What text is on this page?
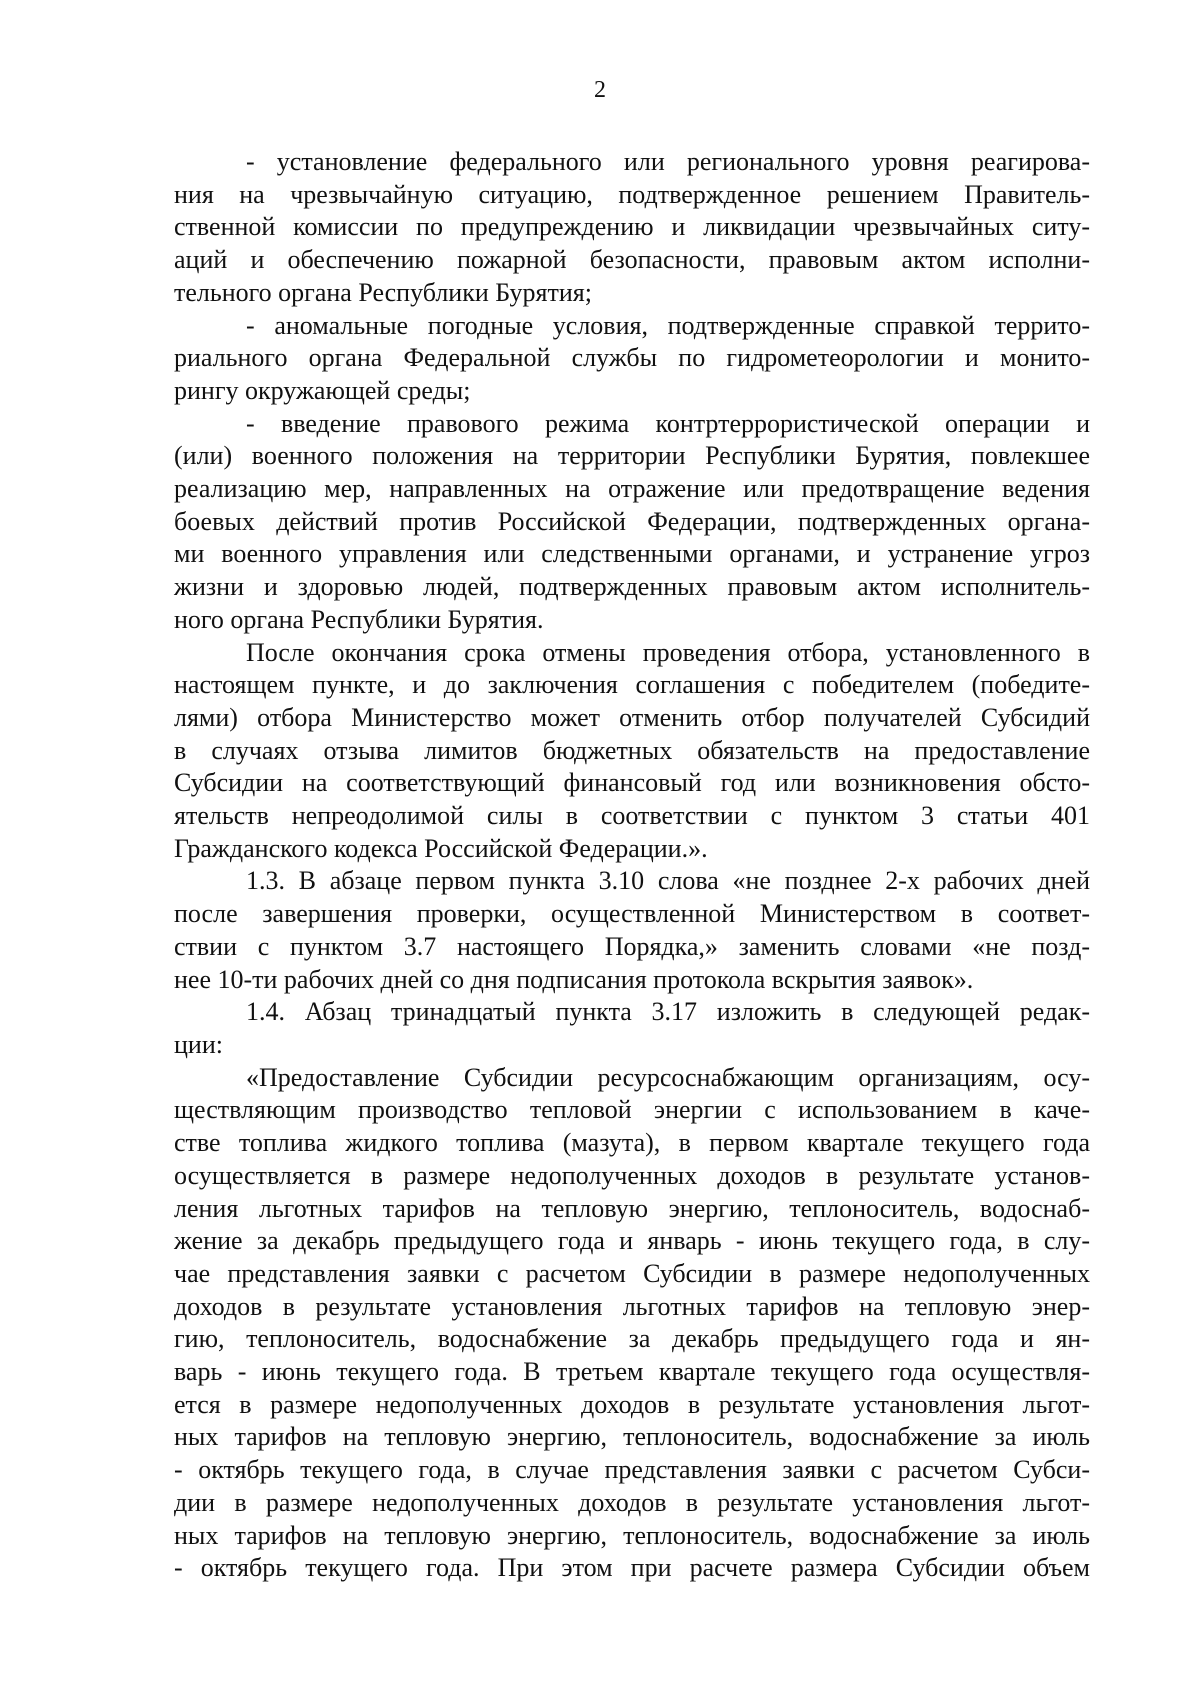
2
- установление федерального или регионального уровня реагирова-
ния на чрезвычайную ситуацию, подтвержденное решением Правитель-
ственной комиссии по предупреждению и ликвидации чрезвычайных ситу-
аций и обеспечению пожарной безопасности, правовым актом исполни-
тельного органа Республики Бурятия;
- аномальные погодные условия, подтвержденные справкой террито-
риального органа Федеральной службы по гидрометеорологии и монито-
рингу окружающей среды;
- введение правового режима контртеррористической операции и
(или) военного положения на территории Республики Бурятия, повлекшее
реализацию мер, направленных на отражение или предотвращение ведения
боевых действий против Российской Федерации, подтвержденных органа-
ми военного управления или следственными органами, и устранение угроз
жизни и здоровью людей, подтвержденных правовым актом исполнитель-
ного органа Республики Бурятия.
После окончания срока отмены проведения отбора, установленного в
настоящем пункте, и до заключения соглашения с победителем (победите-
лями) отбора Министерство может отменить отбор получателей Субсидий
в случаях отзыва лимитов бюджетных обязательств на предоставление
Субсидии на соответствующий финансовый год или возникновения обсто-
ятельств непреодолимой силы в соответствии с пунктом 3 статьи 401
Гражданского кодекса Российской Федерации.».
1.3. В абзаце первом пункта 3.10 слова «не позднее 2-х рабочих дней
после завершения проверки, осуществленной Министерством в соответ-
ствии с пунктом 3.7 настоящего Порядка,» заменить словами «не позд-
нее 10-ти рабочих дней со дня подписания протокола вскрытия заявок».
1.4. Абзац тринадцатый пункта 3.17 изложить в следующей редак-
ции:
«Предоставление Субсидии ресурсоснабжающим организациям, осу-
ществляющим производство тепловой энергии с использованием в каче-
стве топлива жидкого топлива (мазута), в первом квартале текущего года
осуществляется в размере недополученных доходов в результате установ-
ления льготных тарифов на тепловую энергию, теплоноситель, водоснаб-
жение за декабрь предыдущего года и январь - июнь текущего года, в слу-
чае представления заявки с расчетом Субсидии в размере недополученных
доходов в результате установления льготных тарифов на тепловую энер-
гию, теплоноситель, водоснабжение за декабрь предыдущего года и ян-
варь - июнь текущего года. В третьем квартале текущего года осуществля-
ется в размере недополученных доходов в результате установления льгот-
ных тарифов на тепловую энергию, теплоноситель, водоснабжение за июль
- октябрь текущего года, в случае представления заявки с расчетом Субси-
дии в размере недополученных доходов в результате установления льгот-
ных тарифов на тепловую энергию, теплоноситель, водоснабжение за июль
- октябрь текущего года. При этом при расчете размера Субсидии объем
